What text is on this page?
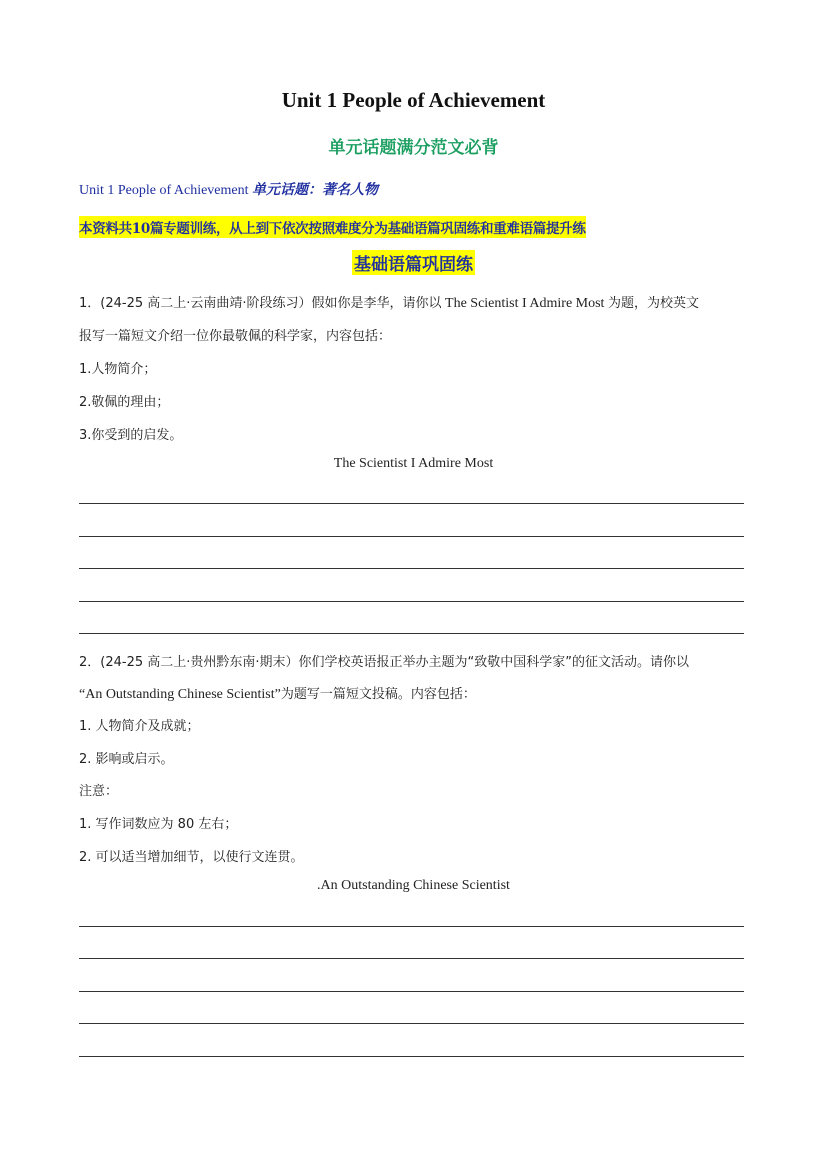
Unit 1 People of Achievement
单元话题满分范文必背
Unit 1 People of Achievement 单元话题：著名人物
本资料共10篇专题训练，从上到下依次按照难度分为基础语篇巩固练和重难语篇提升练
基础语篇巩固练
1．(24-25 高二上·云南曲靖·阶段练习）假如你是李华，请你以 The Scientist I Admire Most 为题，为校英文
报写一篇短文介绍一位你最敬佩的科学家，内容包括：
1.人物简介；
2.敬佩的理由；
3.你受到的启发。
The Scientist I Admire Most
2．(24-25 高二上·贵州黔东南·期末）你们学校英语报正举办主题为“致敬中国科学家”的征文活动。请你以
“An Outstanding Chinese Scientist”为题写一篇短文投稿。内容包括：
1. 人物简介及成就；
2. 影响或启示。
注意：
1. 写作词数应为 80 左右；
2. 可以适当增加细节，以使行文连贯。
.An Outstanding Chinese Scientist
